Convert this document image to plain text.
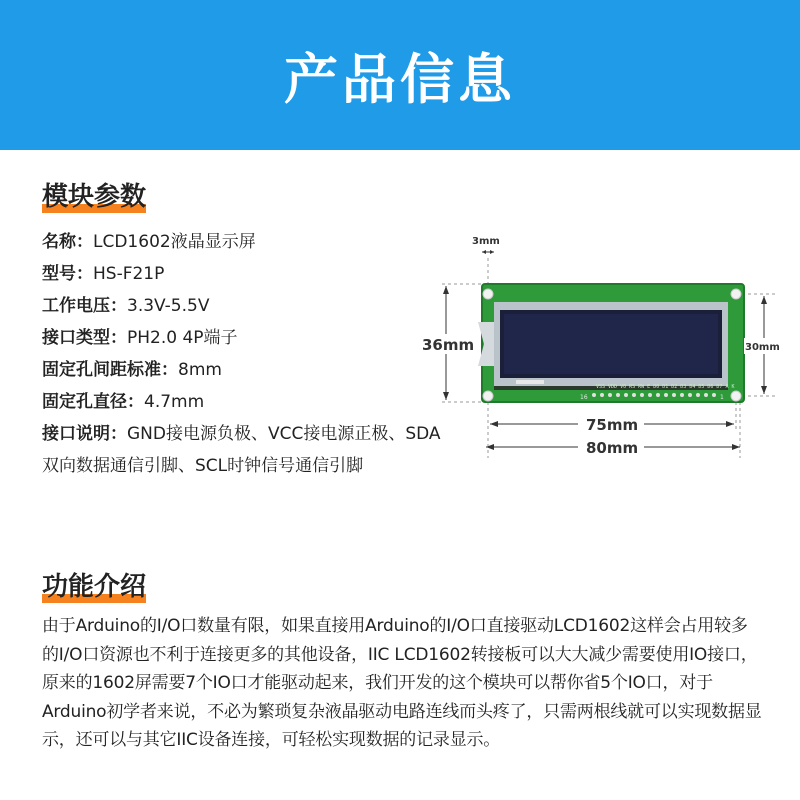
产品信息
模块参数
名称：LCD1602液晶显示屏
型号：HS-F21P
工作电压：3.3V-5.5V
接口类型：PH2.0 4P端子
固定孔间距标准：8mm
固定孔直径：4.7mm
接口说明：GND接电源负极、VCC接电源正极、SDA双向数据通信引脚、SCL时钟信号通信引脚
VSS VDD V0 RS RW E D0 D1 D2 D3 D4 D5 D6 D7 A K
16	1
3mm
36mm	30mm
75mm
80mm
功能介绍
由于Arduino的I/O口数量有限，如果直接用Arduino的I/O口直接驱动LCD1602这样会占用较多的I/O口资源也不利于连接更多的其他设备，IIC LCD1602转接板可以大大减少需要使用IO接口，原来的1602屏需要7个IO口才能驱动起来，我们开发的这个模块可以帮你省5个IO口，对于 Arduino初学者来说，不必为繁琐复杂液晶驱动电路连线而头疼了，只需两根线就可以实现数据显示，还可以与其它IIC设备连接，可轻松实现数据的记录显示。
